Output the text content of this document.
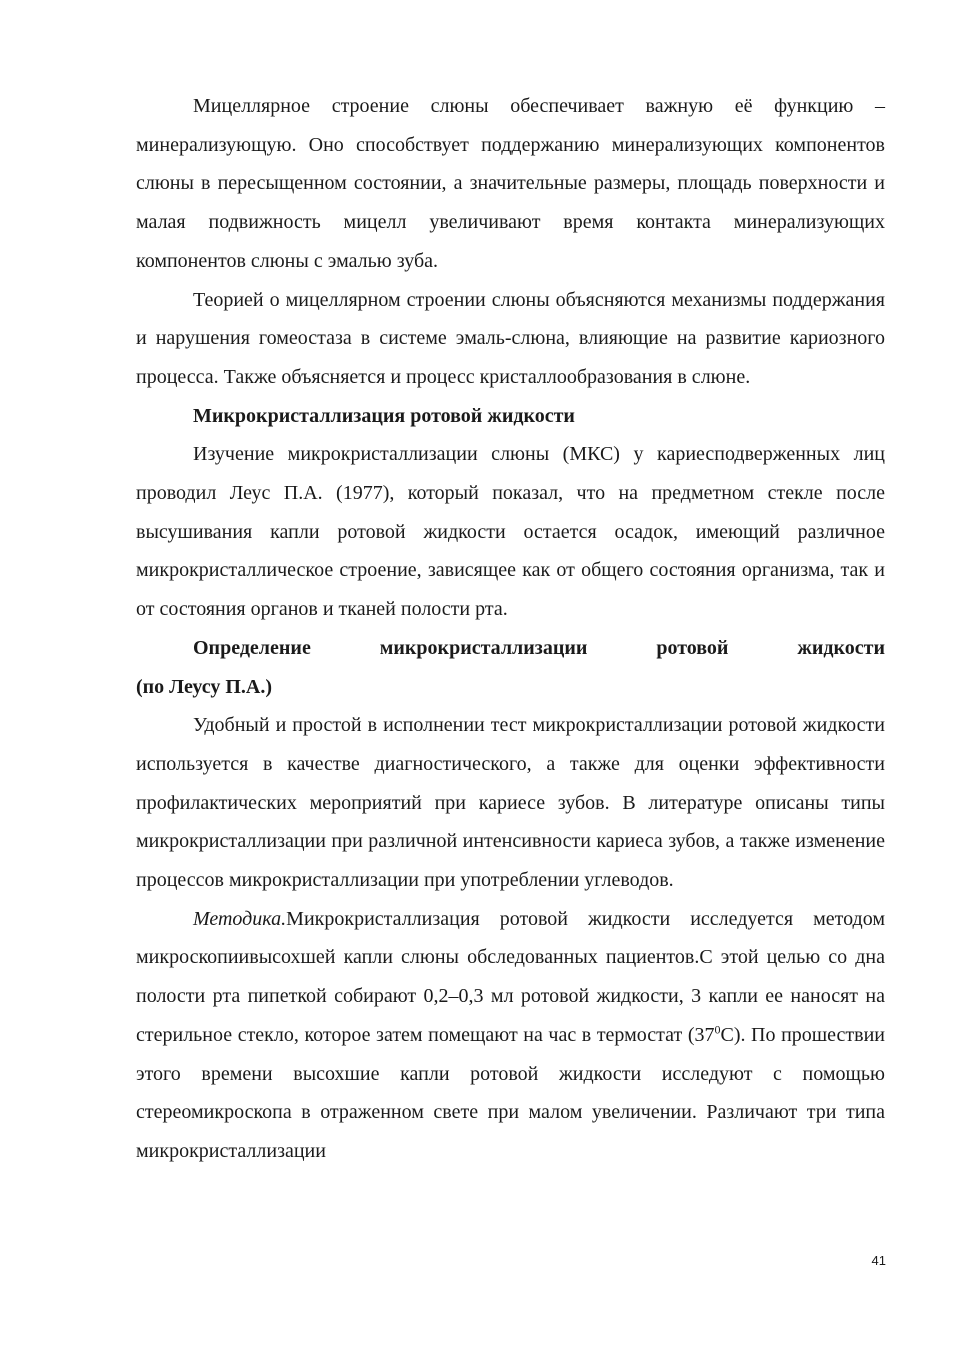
Мицеллярное строение слюны обеспечивает важную её функцию – минерализующую. Оно способствует поддержанию минерализующих компонентов слюны в пересыщенном состоянии, а значительные размеры, площадь поверхности и малая подвижность мицелл увеличивают время контакта минерализующих компонентов слюны с эмалью зуба.

Теорией о мицеллярном строении слюны объясняются механизмы поддержания и нарушения гомеостаза в системе эмаль-слюна, влияющие на развитие кариозного процесса. Также объясняется и процесс кристаллообразования в слюне.

Микрокристаллизация ротовой жидкости

Изучение микрокристаллизации слюны (МКС) у кариесподверженных лиц проводил Леус П.А. (1977), который показал, что на предметном стекле после высушивания капли ротовой жидкости остается осадок, имеющий различное микрокристаллическое строение, зависящее как от общего состояния организма, так и от состояния органов и тканей полости рта.

Определение микрокристаллизации ротовой жидкости

(по Леусу П.А.)

Удобный и простой в исполнении тест микрокристаллизации ротовой жидкости используется в качестве диагностического, а также для оценки эффективности профилактических мероприятий при кариесе зубов. В литературе описаны типы микрокристаллизации при различной интенсивности кариеса зубов, а также изменение процессов микрокристаллизации при употреблении углеводов.

Методика.Микрокристаллизация ротовой жидкости исследуется методом микроскопиивысохшей капли слюны обследованных пациентов.С этой целью со дна полости рта пипеткой собирают 0,2–0,3 мл ротовой жидкости, 3 капли ее наносят на стерильное стекло, которое затем помещают на час в термостат $(37^0С)$. По прошествии этого времени высохшие капли ротовой жидкости исследуют с помощью стереомикроскопа в отраженном свете при малом увеличении. Различают три типа микрокристаллизации

41
